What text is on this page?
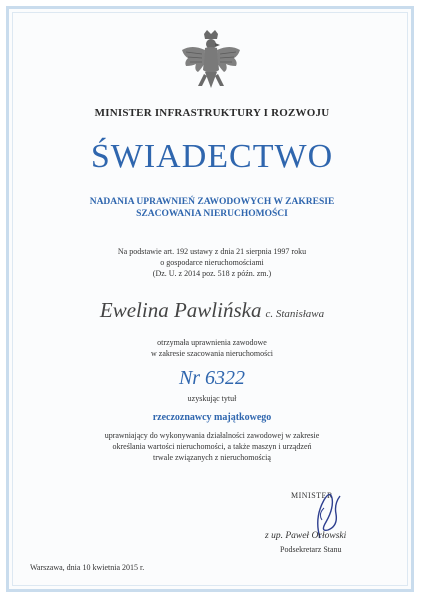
MINISTER INFRASTRUKTURY I ROZWOJU
ŚWIADECTWO
NADANIA UPRAWNIEŃ ZAWODOWYCH W ZAKRESIE
SZACOWANIA NIERUCHOMOŚCI
Na podstawie art. 192 ustawy z dnia 21 sierpnia 1997 roku
o gospodarce nieruchomościami
(Dz. U. z 2014 poz. 518 z późn. zm.)
Ewelina Pawlińska c. Stanisława
otrzymała uprawnienia zawodowe
w zakresie szacowania nieruchomości
Nr 6322
uzyskując tytuł
rzeczoznawcy majątkowego
uprawniający do wykonywania działalności zawodowej w zakresie
określania wartości nieruchomości, a także maszyn i urządzeń
trwale związanych z nieruchomością
MINISTER
z up. Paweł Orłowski
Podsekretarz Stanu
Warszawa, dnia 10 kwietnia 2015 r.
